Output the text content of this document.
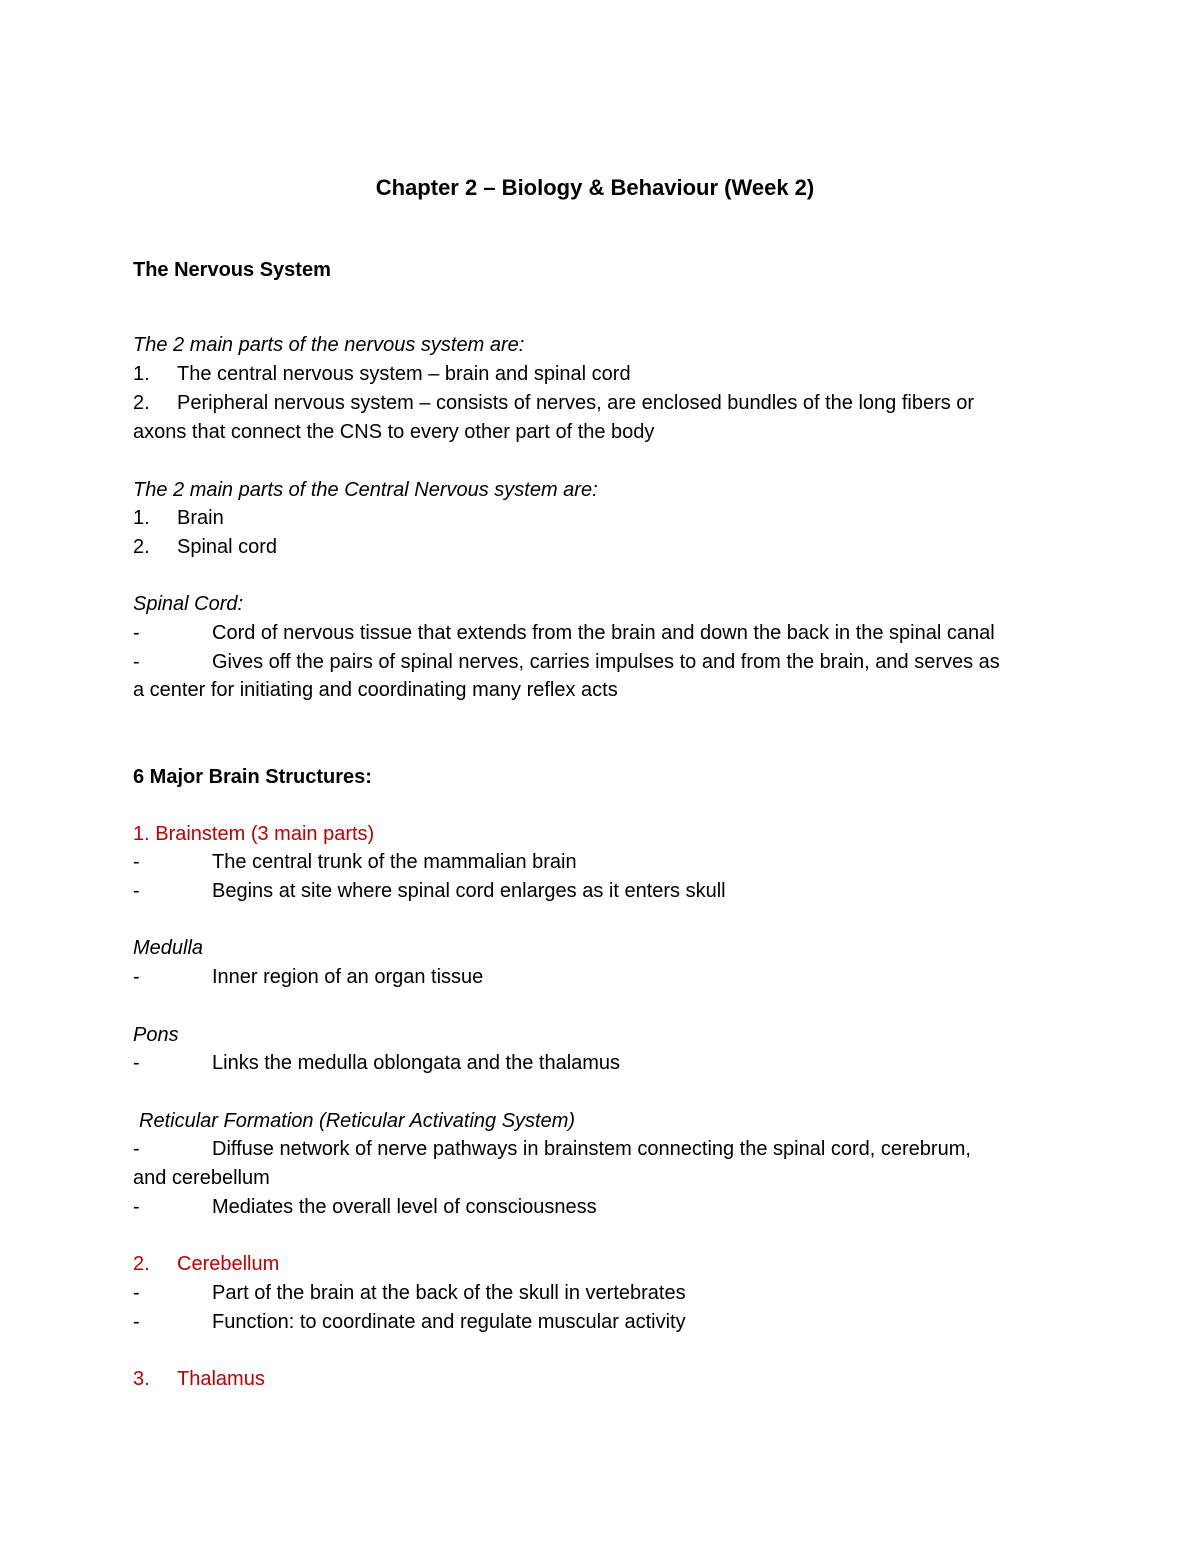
Chapter 2 – Biology & Behaviour (Week 2)
The Nervous System
The 2 main parts of the nervous system are:
1. The central nervous system – brain and spinal cord
2. Peripheral nervous system – consists of nerves, are enclosed bundles of the long fibers or
axons that connect the CNS to every other part of the body
The 2 main parts of the Central Nervous system are:
1. Brain
2. Spinal cord
Spinal Cord:
-	Cord of nervous tissue that extends from the brain and down the back in the spinal canal
-	Gives off the pairs of spinal nerves, carries impulses to and from the brain, and serves as
a center for initiating and coordinating many reflex acts
6 Major Brain Structures:
1. Brainstem (3 main parts)
-	The central trunk of the mammalian brain
-	Begins at site where spinal cord enlarges as it enters skull
Medulla
-	Inner region of an organ tissue
Pons
-	Links the medulla oblongata and the thalamus
Reticular Formation (Reticular Activating System)
-	Diffuse network of nerve pathways in brainstem connecting the spinal cord, cerebrum,
and cerebellum
-	Mediates the overall level of consciousness
2. Cerebellum
-	Part of the brain at the back of the skull in vertebrates
-	Function: to coordinate and regulate muscular activity
3. Thalamus
